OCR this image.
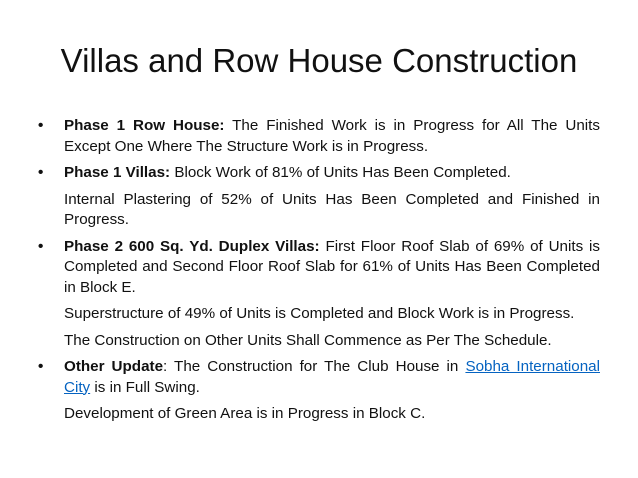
Villas and Row House Construction
• Phase 1 Row House: The Finished Work is in Progress for All The Units Except One Where The Structure Work is in Progress.
• Phase 1 Villas: Block Work of 81% of Units Has Been Completed.
Internal Plastering of 52% of Units Has Been Completed and Finished in Progress.
• Phase 2 600 Sq. Yd. Duplex Villas: First Floor Roof Slab of 69% of Units is Completed and Second Floor Roof Slab for 61% of Units Has Been Completed in Block E.
Superstructure of 49% of Units is Completed and Block Work is in Progress.
The Construction on Other Units Shall Commence as Per The Schedule.
• Other Update: The Construction for The Club House in Sobha International City is in Full Swing.
Development of Green Area is in Progress in Block C.
